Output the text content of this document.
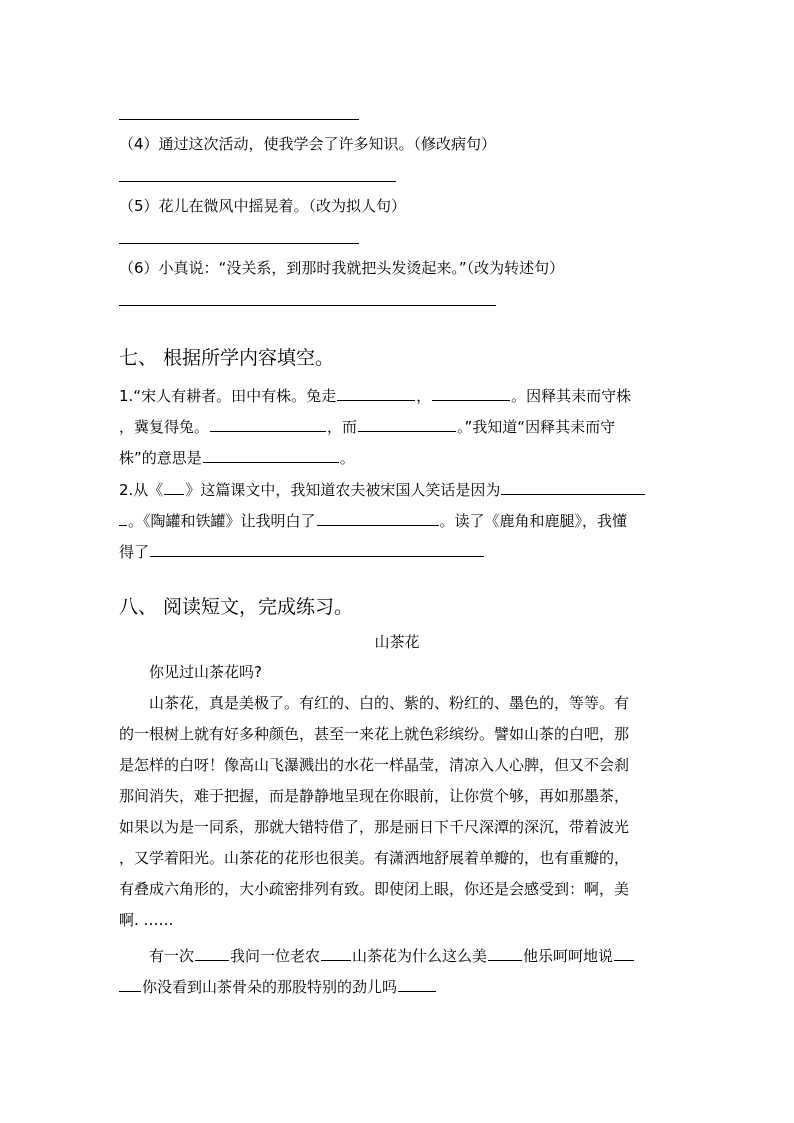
（4）通过这次活动，使我学会了许多知识。（修改病句）
（5）花儿在微风中摇晃着。（改为拟人句）
（6）小真说：“没关系，到那时我就把头发烫起来。”（改为转述句）
七、 根据所学内容填空。
1.“宋人有耕者。田中有株。兔走	，	。因释其耒而守株
，冀复得兔。	，而	。”我知道“因释其耒而守
株”的意思是	。
2.从《 》这篇课文中，我知道农夫被宋国人笑话是因为
。《陶罐和铁罐》让我明白了	。读了《鹿角和鹿腿》，我懂
得了
八、 阅读短文，完成练习。
山茶花
你见过山茶花吗?
山茶花，真是美极了。有红的、白的、紫的、粉红的、墨色的，等等。有
的一根树上就有好多种颜色，甚至一来花上就色彩缤纷。譬如山茶的白吧，那
是怎样的白呀！像高山飞瀑溅出的水花一样晶莹，清凉入人心脾，但又不会刹
那间消失，难于把握，而是静静地呈现在你眼前，让你赏个够，再如那墨茶，
如果以为是一同系，那就大错特借了，那是丽日下千尺深潭的深沉，带着波光
，又学着阳光。山茶花的花形也很美。有潇洒地舒展着单瓣的，也有重瓣的，
有叠成六角形的，大小疏密排列有致。即使闭上眼，你还是会感受到：啊，美
啊. ……
有一次 我问一位老农 山茶花为什么这么美 他乐呵呵地说
你没看到山茶骨朵的那股特别的劲儿吗
